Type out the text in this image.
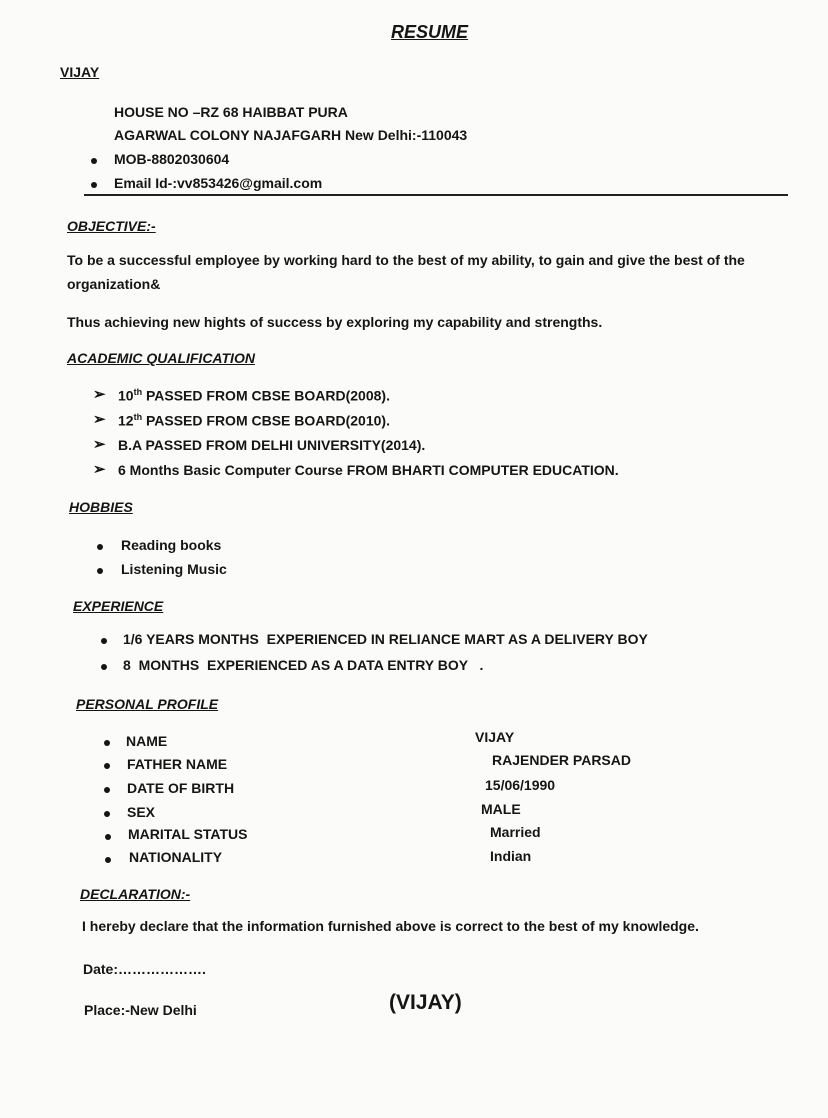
RESUME
VIJAY
HOUSE NO –RZ 68 HAIBBAT PURA
AGARWAL COLONY NAJAFGARH New Delhi:-110043
MOB-8802030604
Email Id-:vv853426@gmail.com
OBJECTIVE:-
To be a successful employee by working hard to the best of my ability, to gain and give the best of the
organization&
Thus achieving new hights of success by exploring my capability and strengths.
ACADEMIC QUALIFICATION
➢ 10th PASSED FROM CBSE BOARD(2008).
➢ 12th PASSED FROM CBSE BOARD(2010).
➢ B.A PASSED FROM DELHI UNIVERSITY(2014).
➢ 6 Months Basic Computer Course FROM BHARTI COMPUTER EDUCATION.
HOBBIES
Reading books
Listening Music
EXPERIENCE
1/6 YEARS MONTHS  EXPERIENCED IN RELIANCE MART AS A DELIVERY BOY
8  MONTHS  EXPERIENCED AS A DATA ENTRY BOY   .
PERSONAL PROFILE
NAME	VIJAY
FATHER NAME	RAJENDER PARSAD
DATE OF BIRTH	15/06/1990
SEX	MALE
MARITAL STATUS	Married
NATIONALITY	Indian
DECLARATION:-
I hereby declare that the information furnished above is correct to the best of my knowledge.
Date:……………….
Place:-New Delhi	(VIJAY)
